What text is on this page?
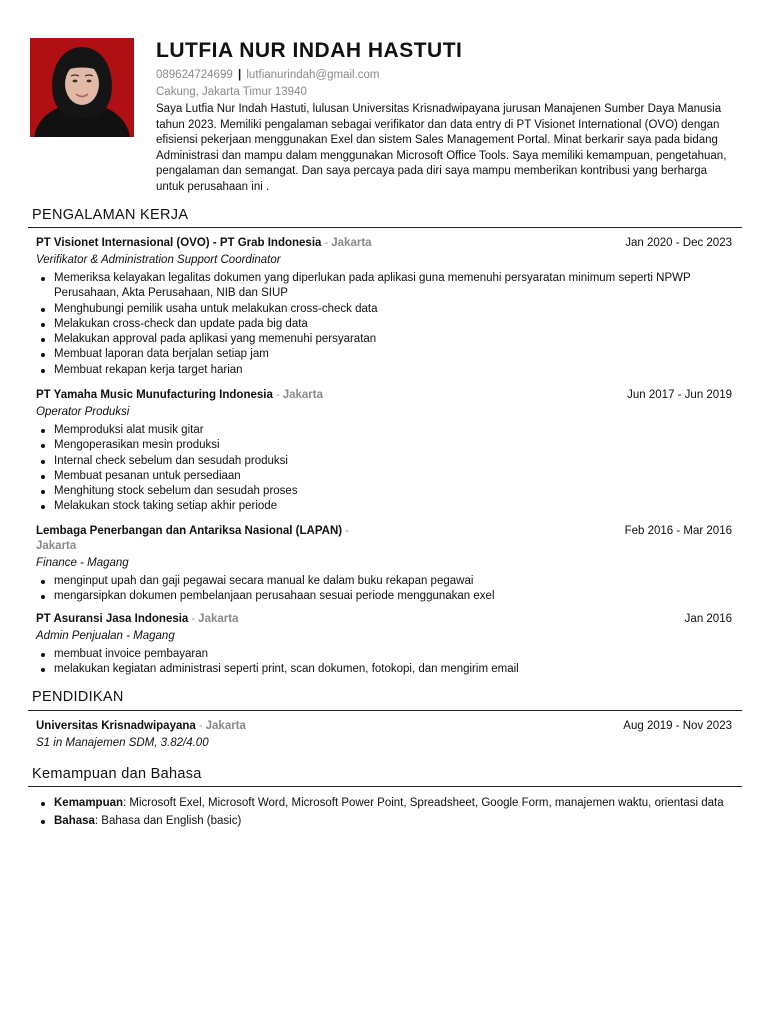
LUTFIA NUR INDAH HASTUTI
089624724699 | lutfianurindah@gmail.com
Cakung, Jakarta Timur 13940
Saya Lutfia Nur Indah Hastuti, lulusan Universitas Krisnadwipayana jurusan Manajenen Sumber Daya Manusia tahun 2023. Memiliki pengalaman sebagai verifikator dan data entry di PT Visionet International (OVO) dengan efisiensi pekerjaan menggunakan Exel dan sistem Sales Management Portal. Minat berkarir saya pada bidang Administrasi dan mampu dalam menggunakan Microsoft Office Tools. Saya memiliki kemampuan, pengetahuan, pengalaman dan semangat. Dan saya percaya pada diri saya mampu memberikan kontribusi yang berharga untuk perusahaan ini .
PENGALAMAN KERJA
PT Visionet Internasional (OVO) - PT Grab Indonesia - Jakarta	Jan 2020 - Dec 2023
Verifikator & Administration Support Coordinator
Memeriksa kelayakan legalitas dokumen yang diperlukan pada aplikasi guna memenuhi persyaratan minimum seperti NPWP Perusahaan, Akta Perusahaan, NIB dan SIUP
Menghubungi pemilik usaha untuk melakukan cross-check data
Melakukan cross-check dan update pada big data
Melakukan approval pada aplikasi yang memenuhi persyaratan
Membuat laporan data berjalan setiap jam
Membuat rekapan kerja target harian
PT Yamaha Music Munufacturing Indonesia - Jakarta	Jun 2017 - Jun 2019
Operator Produksi
Memproduksi alat musik gitar
Mengoperasikan mesin produksi
Internal check sebelum dan sesudah produksi
Membuat pesanan untuk persediaan
Menghitung stock sebelum dan sesudah proses
Melakukan stock taking setiap akhir periode
Lembaga Penerbangan dan Antariksa Nasional (LAPAN) -
Jakarta
Feb 2016 - Mar 2016
Finance - Magang
menginput upah dan gaji pegawai secara manual ke dalam buku rekapan pegawai
mengarsipkan dokumen pembelanjaan perusahaan sesuai periode menggunakan exel
PT Asuransi Jasa Indonesia - Jakarta	Jan 2016
Admin Penjualan - Magang
membuat invoice pembayaran
melakukan kegiatan administrasi seperti print, scan dokumen, fotokopi, dan mengirim email
PENDIDIKAN
Universitas Krisnadwipayana - Jakarta	Aug 2019 - Nov 2023
S1 in Manajemen SDM, 3.82/4.00
Kemampuan dan Bahasa
Kemampuan: Microsoft Exel, Microsoft Word, Microsoft Power Point, Spreadsheet, Google Form, manajemen waktu, orientasi data
Bahasa: Bahasa dan English (basic)
